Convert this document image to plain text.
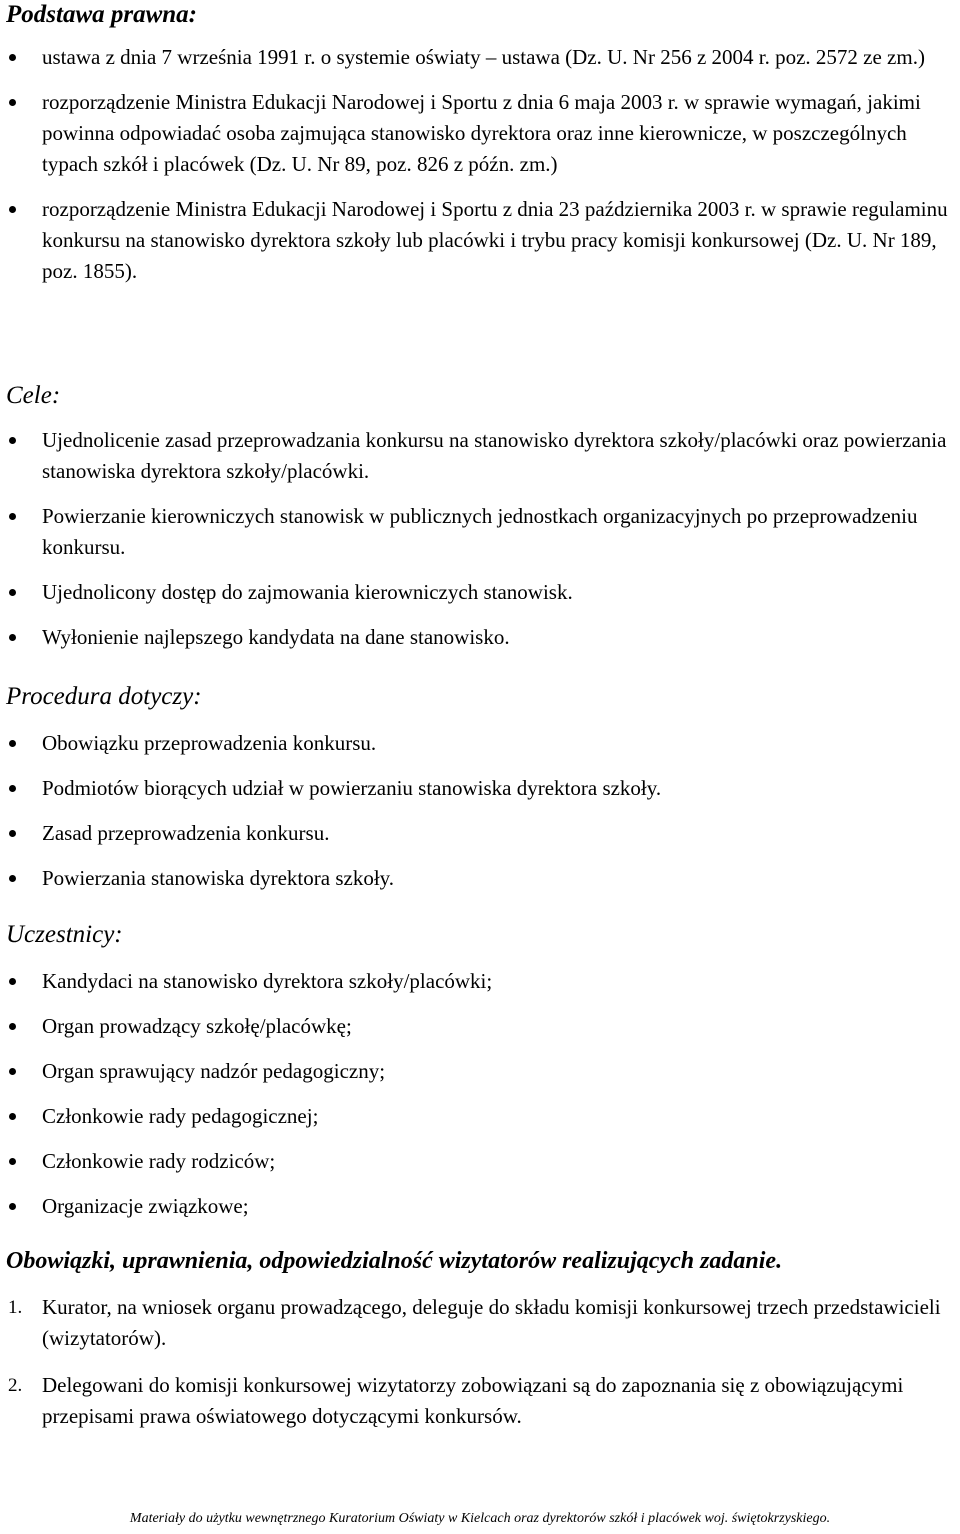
Podstawa prawna:
ustawa z dnia 7 września 1991 r. o systemie oświaty – ustawa (Dz. U. Nr 256 z 2004 r. poz. 2572 ze zm.)
rozporządzenie Ministra Edukacji Narodowej i Sportu z dnia 6 maja 2003 r. w sprawie wymagań, jakimi powinna odpowiadać osoba zajmująca stanowisko dyrektora oraz inne kierownicze, w poszczególnych typach szkół i placówek (Dz. U. Nr 89, poz. 826 z późn. zm.)
rozporządzenie Ministra Edukacji Narodowej i Sportu z dnia 23 października 2003 r. w sprawie regulaminu konkursu na stanowisko dyrektora szkoły lub placówki i trybu pracy komisji konkursowej (Dz. U. Nr 189, poz. 1855).
Cele:
Ujednolicenie zasad przeprowadzania konkursu na stanowisko dyrektora szkoły/placówki oraz powierzania stanowiska dyrektora szkoły/placówki.
Powierzanie kierowniczych stanowisk w publicznych jednostkach organizacyjnych po przeprowadzeniu konkursu.
Ujednolicony dostęp do zajmowania kierowniczych stanowisk.
Wyłonienie najlepszego kandydata na dane stanowisko.
Procedura dotyczy:
Obowiązku przeprowadzenia konkursu.
Podmiotów biorących udział w powierzaniu stanowiska dyrektora szkoły.
Zasad przeprowadzenia konkursu.
Powierzania stanowiska dyrektora szkoły.
Uczestnicy:
Kandydaci na stanowisko dyrektora szkoły/placówki;
Organ prowadzący szkołę/placówkę;
Organ sprawujący nadzór pedagogiczny;
Członkowie rady pedagogicznej;
Członkowie rady rodziców;
Organizacje związkowe;
Obowiązki, uprawnienia, odpowiedzialność wizytatorów realizujących zadanie.
1. Kurator, na wniosek organu prowadzącego, deleguje do składu komisji konkursowej trzech przedstawicieli (wizytatorów).
2. Delegowani do komisji konkursowej wizytatorzy zobowiązani są do zapoznania się z obowiązującymi przepisami prawa oświatowego dotyczącymi konkursów.
Materiały do użytku wewnętrznego Kuratorium Oświaty w Kielcach oraz dyrektorów szkół i placówek woj. świętokrzyskiego.
